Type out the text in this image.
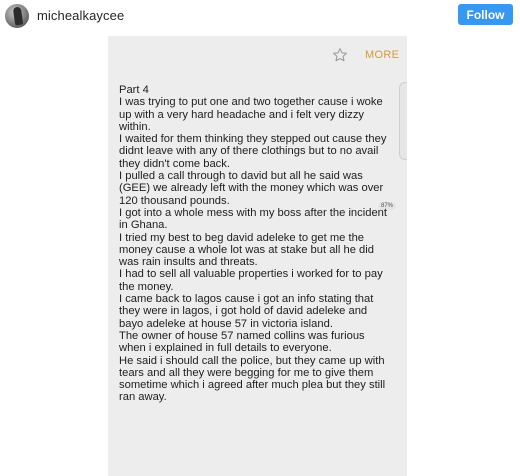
michealkaycee	Follow
MORE
87%

Part 4

I was trying to put one and two together cause i woke up with a very hard headache and i felt very dizzy within.

I waited for them thinking they stepped out cause they didnt leave with any of there clothings but to no avail they didn't come back.

I pulled a call through to david but all he said was (GEE) we already left with the money which was over 120 thousand pounds.

I got into a whole mess with my boss after the incident in Ghana.

I tried my best to beg david adeleke to get me the money cause a whole lot was at stake but all he did was rain insults and threats.

I had to sell all valuable properties i worked for to pay the money.

I came back to lagos cause i got an info stating that they were in lagos, i got hold of david adeleke and bayo adeleke at house 57 in victoria island.

The owner of house 57 named collins was furious when i explained in full details to everyone.

He said i should call the police, but they came up with tears and all they were begging for me to give them sometime which i agreed after much plea but they still ran away.
